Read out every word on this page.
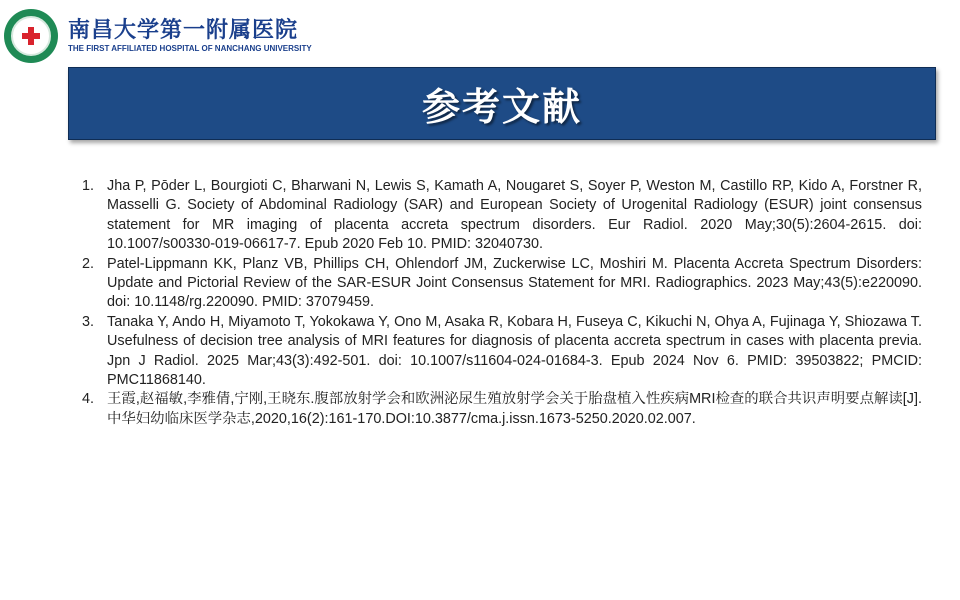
南昌大学第一附属医院
THE FIRST AFFILIATED HOSPITAL OF NANCHANG UNIVERSITY
参考文献
1. Jha P, Pōder L, Bourgioti C, Bharwani N, Lewis S, Kamath A, Nougaret S, Soyer P, Weston M, Castillo RP, Kido A, Forstner R, Masselli G. Society of Abdominal Radiology (SAR) and European Society of Urogenital Radiology (ESUR) joint consensus statement for MR imaging of placenta accreta spectrum disorders. Eur Radiol. 2020 May;30(5):2604-2615. doi: 10.1007/s00330-019-06617-7. Epub 2020 Feb 10. PMID: 32040730.
2. Patel-Lippmann KK, Planz VB, Phillips CH, Ohlendorf JM, Zuckerwise LC, Moshiri M. Placenta Accreta Spectrum Disorders: Update and Pictorial Review of the SAR-ESUR Joint Consensus Statement for MRI. Radiographics. 2023 May;43(5):e220090. doi: 10.1148/rg.220090. PMID: 37079459.
3. Tanaka Y, Ando H, Miyamoto T, Yokokawa Y, Ono M, Asaka R, Kobara H, Fuseya C, Kikuchi N, Ohya A, Fujinaga Y, Shiozawa T. Usefulness of decision tree analysis of MRI features for diagnosis of placenta accreta spectrum in cases with placenta previa. Jpn J Radiol. 2025 Mar;43(3):492-501. doi: 10.1007/s11604-024-01684-3. Epub 2024 Nov 6. PMID: 39503822; PMCID: PMC11868140.
4. 王霞,赵福敏,李雅倩,宁刚,王晓东.腹部放射学会和欧洲泌尿生殖放射学会关于胎盘植入性疾病MRI检查的联合共识声明要点解读[J].中华妇幼临床医学杂志,2020,16(2):161-170.DOI:10.3877/cma.j.issn.1673-5250.2020.02.007.
